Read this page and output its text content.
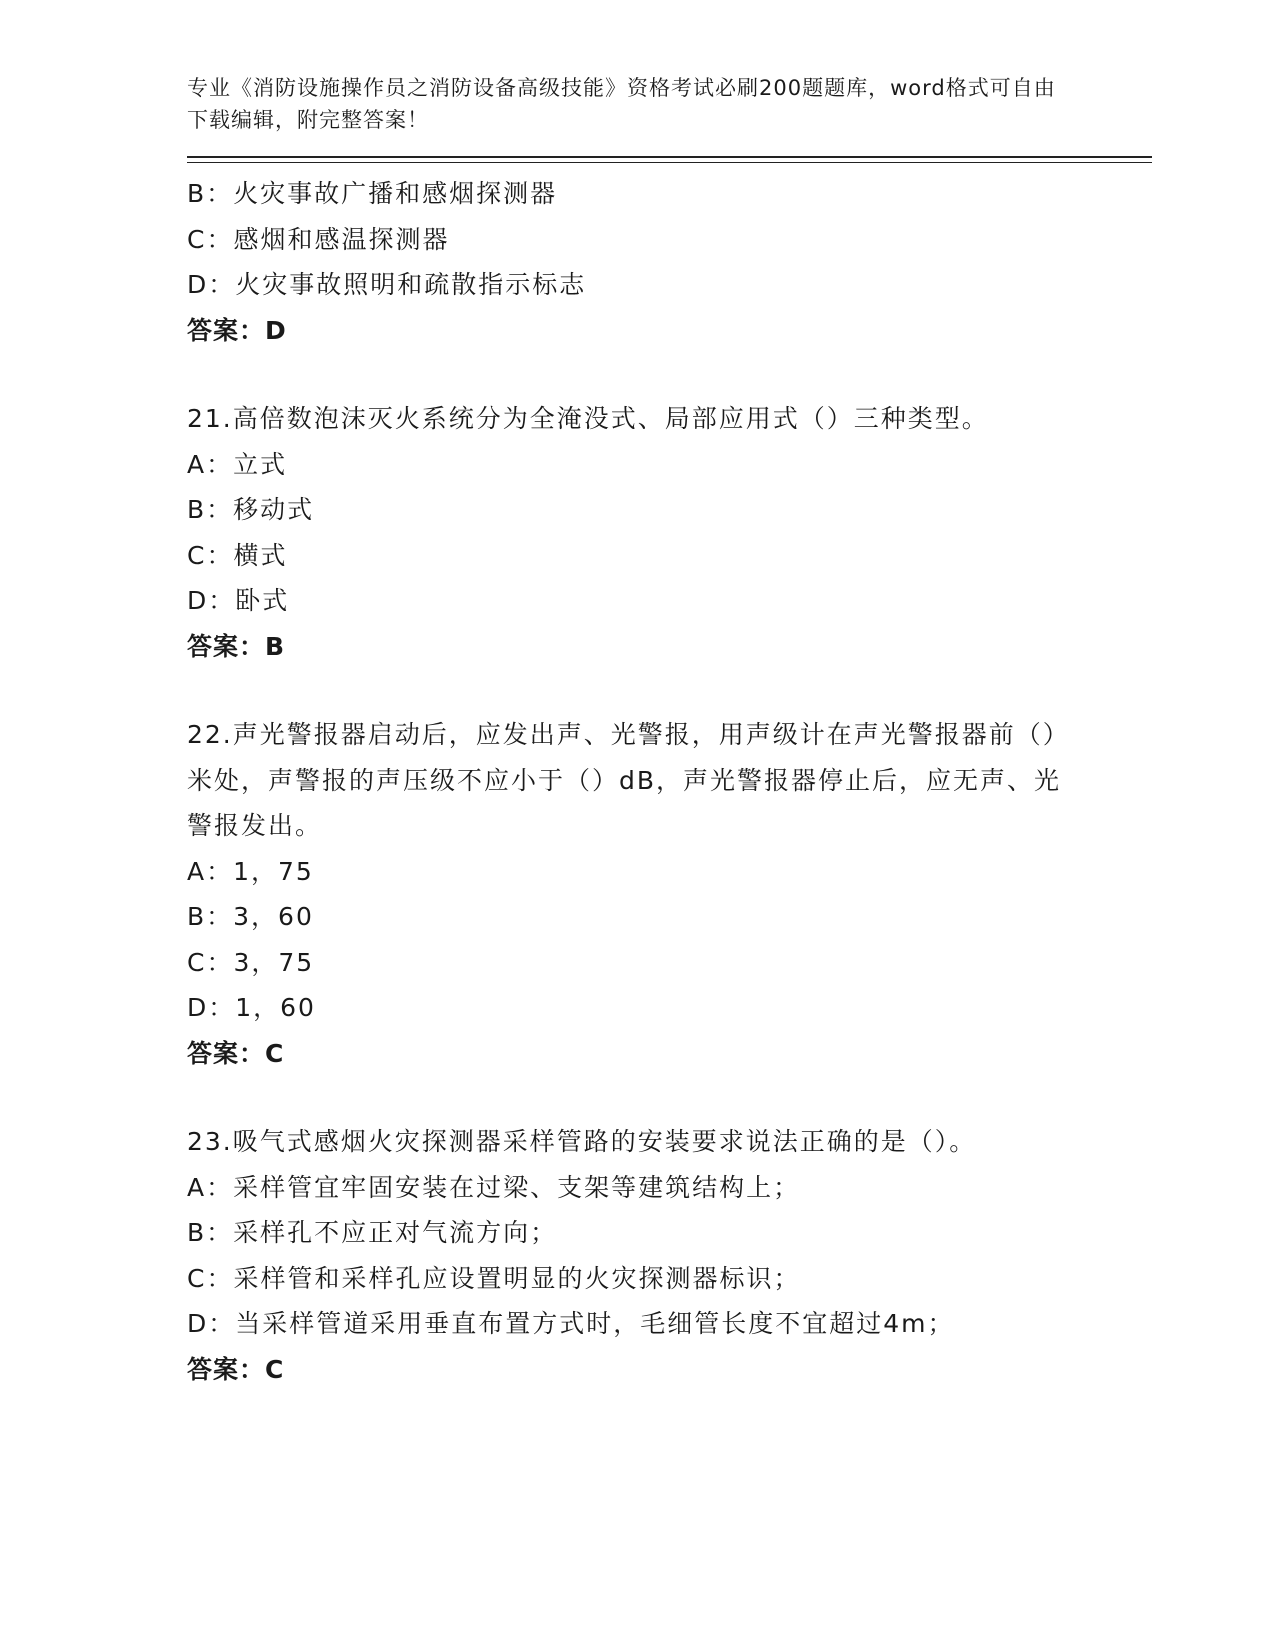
专业《消防设施操作员之消防设备高级技能》资格考试必刷200题题库，word格式可自由下载编辑，附完整答案！
B：火灾事故广播和感烟探测器
C：感烟和感温探测器
D：火灾事故照明和疏散指示标志
答案：D
21.高倍数泡沫灭火系统分为全淹没式、局部应用式（）三种类型。
A：立式
B：移动式
C：横式
D：卧式
答案：B
22.声光警报器启动后，应发出声、光警报，用声级计在声光警报器前（）米处，声警报的声压级不应小于（）dB，声光警报器停止后，应无声、光警报发出。
A：1，75
B：3，60
C：3，75
D：1，60
答案：C
23.吸气式感烟火灾探测器采样管路的安装要求说法正确的是（）。
A：采样管宜牢固安装在过梁、支架等建筑结构上；
B：采样孔不应正对气流方向；
C：采样管和采样孔应设置明显的火灾探测器标识；
D：当采样管道采用垂直布置方式时，毛细管长度不宜超过4m；
答案：C
